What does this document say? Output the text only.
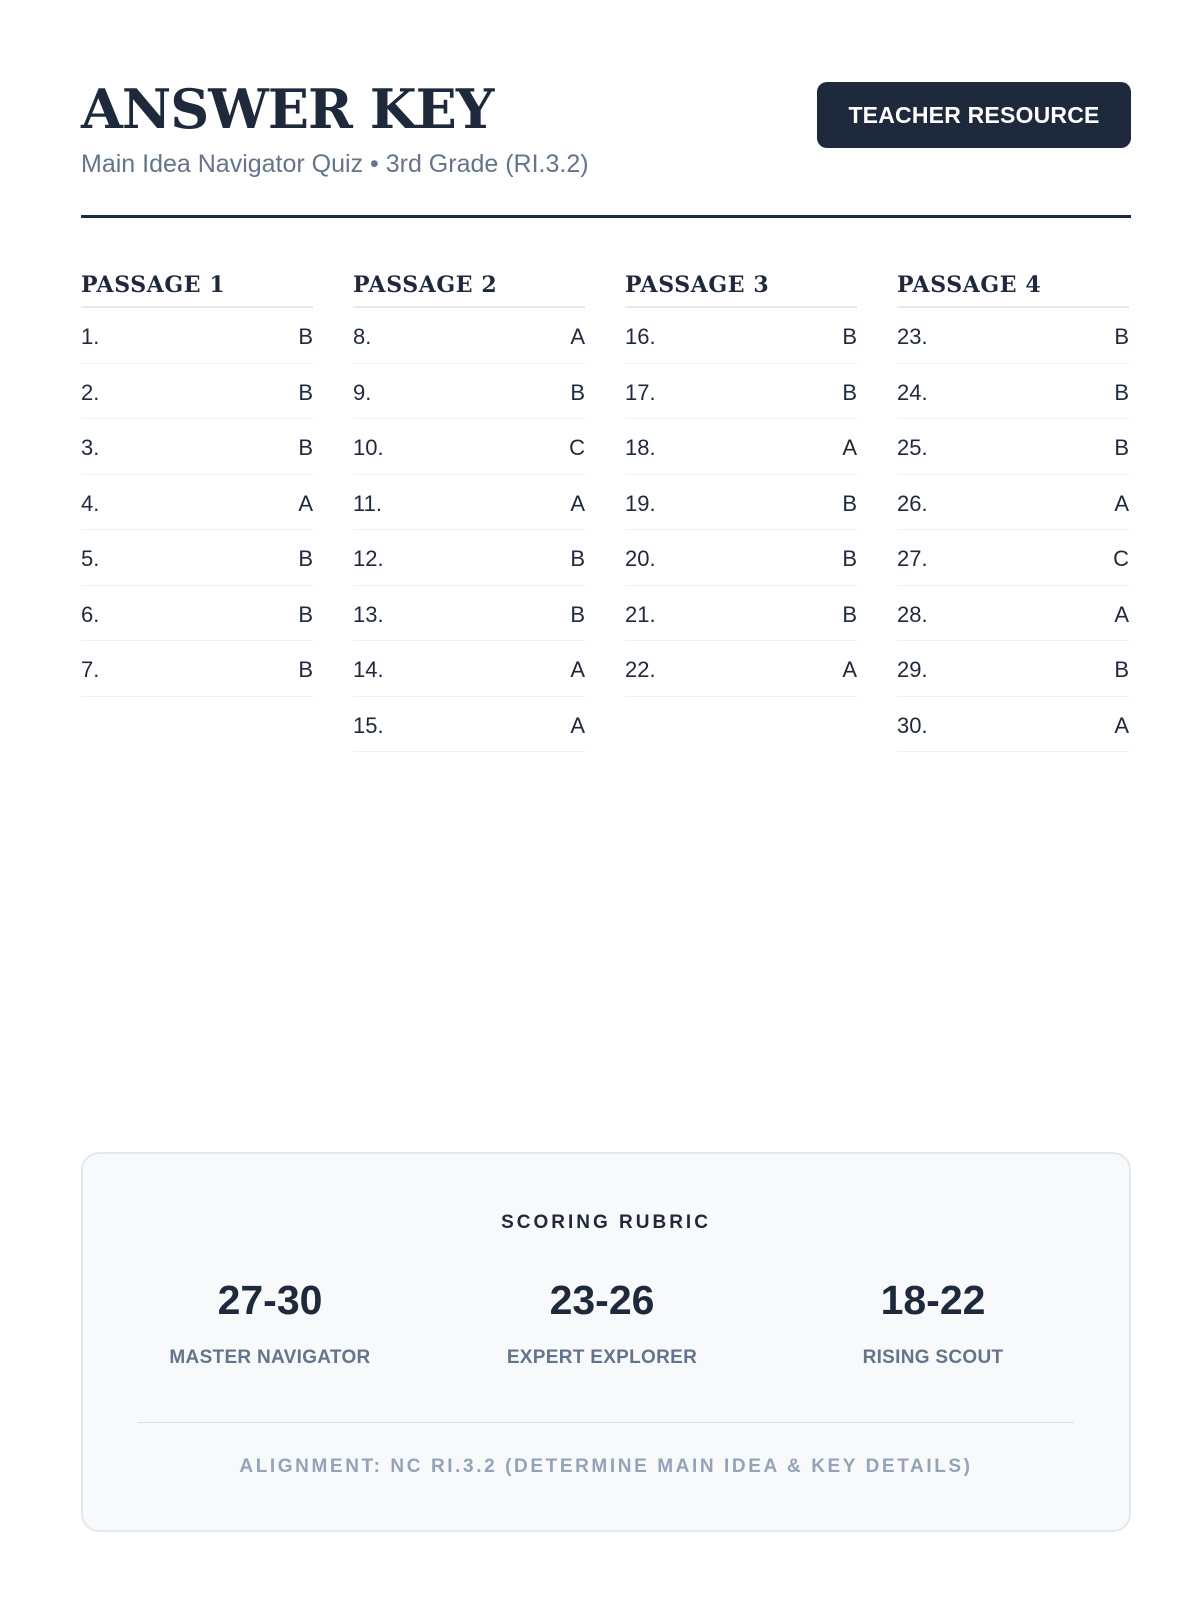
ANSWER KEY
Main Idea Navigator Quiz • 3rd Grade (RI.3.2)
TEACHER RESOURCE
PASSAGE 1
1.	B
2.	B
3.	B
4.	A
5.	B
6.	B
7.	B
PASSAGE 2
8.	A
9.	B
10.	C
11.	A
12.	B
13.	B
14.	A
15.	A
PASSAGE 3
16.	B
17.	B
18.	A
19.	B
20.	B
21.	B
22.	A
PASSAGE 4
23.	B
24.	B
25.	B
26.	A
27.	C
28.	A
29.	B
30.	A
SCORING RUBRIC
27-30
MASTER NAVIGATOR
23-26
EXPERT EXPLORER
18-22
RISING SCOUT
ALIGNMENT: NC RI.3.2 (DETERMINE MAIN IDEA & KEY DETAILS)
